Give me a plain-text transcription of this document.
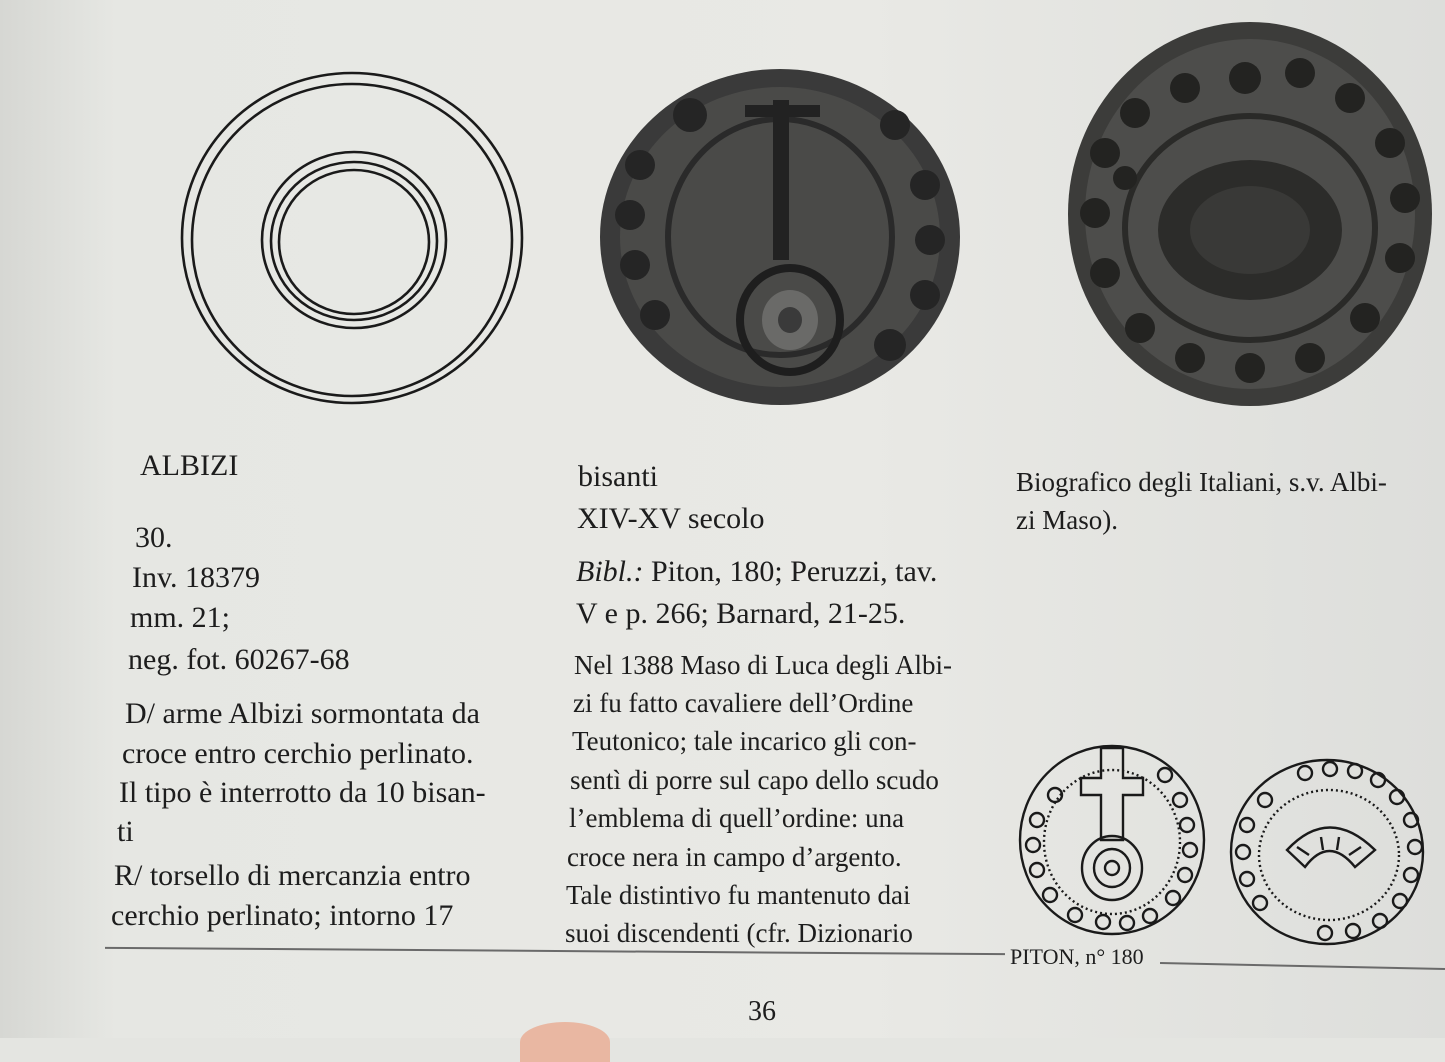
ALBIZI
30.
Inv. 18379
mm. 21;
neg. fot. 60267-68
D/ arme Albizi sormontata da
croce entro cerchio perlinato.
Il tipo è interrotto da 10 bisan-
ti
R/ torsello di mercanzia entro
cerchio perlinato; intorno 17
bisanti
XIV-XV secolo
Bibl.: Piton, 180; Peruzzi, tav.
V e p. 266; Barnard, 21-25.
Nel 1388 Maso di Luca degli Albi-
zi fu fatto cavaliere dell’Ordine
Teutonico; tale incarico gli con-
sentì di porre sul capo dello scudo
l’emblema di quell’ordine: una
croce nera in campo d’argento.
Tale distintivo fu mantenuto dai
suoi discendenti (cfr. Dizionario
Biografico degli Italiani, s.v. Albi-
zi Maso).
PITON, n° 180
36
